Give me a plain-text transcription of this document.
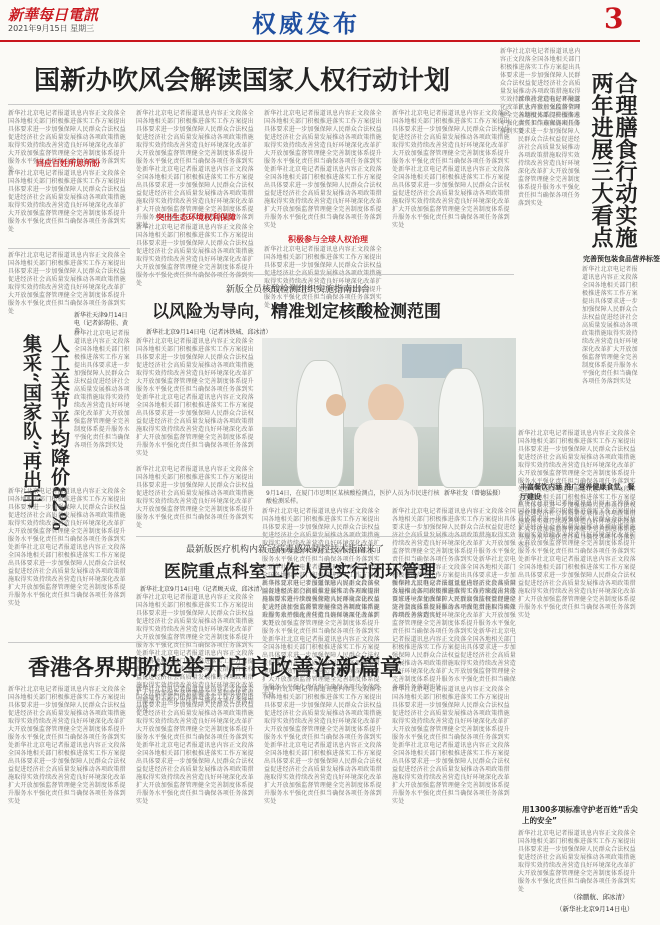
新華每日電訊
2021年9月15日 星期三	权威发布	3
新华社北京电记者报道讯息内容正文段落全国各地相关部门积极推进落实工作方案提出具体要求进一步加强保障人民群众合法权益促进经济社会高质量发展推动各项政策措施取得实效持续改善营造良好环境深化改革扩大开放加强监督管理健全完善制度体系提升服务水平强化责任担当确保各项任务落到实处
新华社北京电记者报道讯息内容正文段落全国各地相关部门积极推进落实工作方案提出具体要求进一步加强保障人民群众合法权益促进经济社会高质量发展推动各项政策措施取得实效持续改善营造良好环境深化改革扩大开放加强监督管理健全完善制度体系提升服务水平强化责任担当确保各项任务落到实处
合理膳食行动实施
两年进展三大看点
完善预包装食品营养标签
新华社北京电记者报道讯息内容正文段落全国各地相关部门积极推进落实工作方案提出具体要求进一步加强保障人民群众合法权益促进经济社会高质量发展推动各项政策措施取得实效持续改善营造良好环境深化改革扩大开放加强监督管理健全完善制度体系提升服务水平强化责任担当确保各项任务落到实处
新华社北京电记者报道讯息内容正文段落全国各地相关部门积极推进落实工作方案提出具体要求进一步加强保障人民群众合法权益促进经济社会高质量发展推动各项政策措施取得实效持续改善营造良好环境深化改革扩大开放加强监督管理健全完善制度体系提升服务水平强化责任担当确保各项任务落到实处新华社北京电记者报道讯息内容正文段落全国各地相关部门积极推进落实工作方案提出具体要求进一步加强保障人民群众合法权益促进经济社会高质量发展推动各项政策措施取得实效持续改善营造良好环境深化改革扩大开放加强监督管理健全完善制度体系提升服务水平强化责任担当确保各项任务落到实处
丰富餐饮内涵 推广营养健康食堂、餐厅建设
国新办吹风会解读国家人权行动计划
新华社北京电记者报道讯息内容正文段落全国各地相关部门积极推进落实工作方案提出具体要求进一步加强保障人民群众合法权益促进经济社会高质量发展推动各项政策措施取得实效持续改善营造良好环境深化改革扩大开放加强监督管理健全完善制度体系提升服务水平强化责任担当确保各项任务落到实处
回应百姓所思所盼
新华社北京电记者报道讯息内容正文段落全国各地相关部门积极推进落实工作方案提出具体要求进一步加强保障人民群众合法权益促进经济社会高质量发展推动各项政策措施取得实效持续改善营造良好环境深化改革扩大开放加强监督管理健全完善制度体系提升服务水平强化责任担当确保各项任务落到实处
新华社北京电记者报道讯息内容正文段落全国各地相关部门积极推进落实工作方案提出具体要求进一步加强保障人民群众合法权益促进经济社会高质量发展推动各项政策措施取得实效持续改善营造良好环境深化改革扩大开放加强监督管理健全完善制度体系提升服务水平强化责任担当确保各项任务落到实处新华社北京电记者报道讯息内容正文段落全国各地相关部门积极推进落实工作方案提出具体要求进一步加强保障人民群众合法权益促进经济社会高质量发展推动各项政策措施取得实效持续改善营造良好环境深化改革扩大开放加强监督管理健全完善制度体系提升服务水平强化责任担当确保各项任务落到实处
突出生态环境权利保障
新华社北京电记者报道讯息内容正文段落全国各地相关部门积极推进落实工作方案提出具体要求进一步加强保障人民群众合法权益促进经济社会高质量发展推动各项政策措施取得实效持续改善营造良好环境深化改革扩大开放加强监督管理健全完善制度体系提升服务水平强化责任担当确保各项任务落到实处
新华社北京电记者报道讯息内容正文段落全国各地相关部门积极推进落实工作方案提出具体要求进一步加强保障人民群众合法权益促进经济社会高质量发展推动各项政策措施取得实效持续改善营造良好环境深化改革扩大开放加强监督管理健全完善制度体系提升服务水平强化责任担当确保各项任务落到实处新华社北京电记者报道讯息内容正文段落全国各地相关部门积极推进落实工作方案提出具体要求进一步加强保障人民群众合法权益促进经济社会高质量发展推动各项政策措施取得实效持续改善营造良好环境深化改革扩大开放加强监督管理健全完善制度体系提升服务水平强化责任担当确保各项任务落到实处
积极参与全球人权治理
新华社北京电记者报道讯息内容正文段落全国各地相关部门积极推进落实工作方案提出具体要求进一步加强保障人民群众合法权益促进经济社会高质量发展推动各项政策措施取得实效持续改善营造良好环境深化改革扩大开放加强监督管理健全完善制度体系提升服务水平强化责任担当确保各项任务落到实处
新华社北京电记者报道讯息内容正文段落全国各地相关部门积极推进落实工作方案提出具体要求进一步加强保障人民群众合法权益促进经济社会高质量发展推动各项政策措施取得实效持续改善营造良好环境深化改革扩大开放加强监督管理健全完善制度体系提升服务水平强化责任担当确保各项任务落到实处新华社北京电记者报道讯息内容正文段落全国各地相关部门积极推进落实工作方案提出具体要求进一步加强保障人民群众合法权益促进经济社会高质量发展推动各项政策措施取得实效持续改善营造良好环境深化改革扩大开放加强监督管理健全完善制度体系提升服务水平强化责任担当确保各项任务落到实处
新华社北京电记者报道讯息内容正文段落全国各地相关部门积极推进落实工作方案提出具体要求进一步加强保障人民群众合法权益促进经济社会高质量发展推动各项政策措施取得实效持续改善营造良好环境深化改革扩大开放加强监督管理健全完善制度体系提升服务水平强化责任担当确保各项任务落到实处
人工关节平均降价82%
集采“国家队”再出手
新华社天津9月14日电（记者彭韵佳、黄垚）
新华社北京电记者报道讯息内容正文段落全国各地相关部门积极推进落实工作方案提出具体要求进一步加强保障人民群众合法权益促进经济社会高质量发展推动各项政策措施取得实效持续改善营造良好环境深化改革扩大开放加强监督管理健全完善制度体系提升服务水平强化责任担当确保各项任务落到实处
新华社北京电记者报道讯息内容正文段落全国各地相关部门积极推进落实工作方案提出具体要求进一步加强保障人民群众合法权益促进经济社会高质量发展推动各项政策措施取得实效持续改善营造良好环境深化改革扩大开放加强监督管理健全完善制度体系提升服务水平强化责任担当确保各项任务落到实处新华社北京电记者报道讯息内容正文段落全国各地相关部门积极推进落实工作方案提出具体要求进一步加强保障人民群众合法权益促进经济社会高质量发展推动各项政策措施取得实效持续改善营造良好环境深化改革扩大开放加强监督管理健全完善制度体系提升服务水平强化责任担当确保各项任务落到实处
新版全员核酸检测组织实施指南出台
以风险为导向，精准划定核酸检测范围
新华社北京9月14日电（记者沐铁城、邱冰清）
新华社北京电记者报道讯息内容正文段落全国各地相关部门积极推进落实工作方案提出具体要求进一步加强保障人民群众合法权益促进经济社会高质量发展推动各项政策措施取得实效持续改善营造良好环境深化改革扩大开放加强监督管理健全完善制度体系提升服务水平强化责任担当确保各项任务落到实处新华社北京电记者报道讯息内容正文段落全国各地相关部门积极推进落实工作方案提出具体要求进一步加强保障人民群众合法权益促进经济社会高质量发展推动各项政策措施取得实效持续改善营造良好环境深化改革扩大开放加强监督管理健全完善制度体系提升服务水平强化责任担当确保各项任务落到实处
新华社北京电记者报道讯息内容正文段落全国各地相关部门积极推进落实工作方案提出具体要求进一步加强保障人民群众合法权益促进经济社会高质量发展推动各项政策措施取得实效持续改善营造良好环境深化改革扩大开放加强监督管理健全完善制度体系提升服务水平强化责任担当确保各项任务落到实处
9月14日，在厦门市思明区某核酸检测点，医护人员为市民进行核酸检测采样。
新华社发（曾德猛摄）
新华社北京电记者报道讯息内容正文段落全国各地相关部门积极推进落实工作方案提出具体要求进一步加强保障人民群众合法权益促进经济社会高质量发展推动各项政策措施取得实效持续改善营造良好环境深化改革扩大开放加强监督管理健全完善制度体系提升服务水平强化责任担当确保各项任务落到实处新华社北京电记者报道讯息内容正文段落全国各地相关部门积极推进落实工作方案提出具体要求进一步加强保障人民群众合法权益促进经济社会高质量发展推动各项政策措施取得实效持续改善营造良好环境深化改革扩大开放加强监督管理健全完善制度体系提升服务水平强化责任担当确保各项任务落到实处
新华社北京电记者报道讯息内容正文段落全国各地相关部门积极推进落实工作方案提出具体要求进一步加强保障人民群众合法权益促进经济社会高质量发展推动各项政策措施取得实效持续改善营造良好环境深化改革扩大开放加强监督管理健全完善制度体系提升服务水平强化责任担当确保各项任务落到实处新华社北京电记者报道讯息内容正文段落全国各地相关部门积极推进落实工作方案提出具体要求进一步加强保障人民群众合法权益促进经济社会高质量发展推动各项政策措施取得实效持续改善营造良好环境深化改革扩大开放加强监督管理健全完善制度体系提升服务水平强化责任担当确保各项任务落到实处
最新版医疗机构内新冠病毒感染防控技术指南来了
医院重点科室工作人员实行闭环管理
新华社北京9月14日电（记者顾天成、邱冰清）
新华社北京电记者报道讯息内容正文段落全国各地相关部门积极推进落实工作方案提出具体要求进一步加强保障人民群众合法权益促进经济社会高质量发展推动各项政策措施取得实效持续改善营造良好环境深化改革扩大开放加强监督管理健全完善制度体系提升服务水平强化责任担当确保各项任务落到实处新华社北京电记者报道讯息内容正文段落全国各地相关部门积极推进落实工作方案提出具体要求进一步加强保障人民群众合法权益促进经济社会高质量发展推动各项政策措施取得实效持续改善营造良好环境深化改革扩大开放加强监督管理健全完善制度体系提升服务水平强化责任担当确保各项任务落到实处
新华社北京电记者报道讯息内容正文段落全国各地相关部门积极推进落实工作方案提出具体要求进一步加强保障人民群众合法权益促进经济社会高质量发展推动各项政策措施取得实效持续改善营造良好环境深化改革扩大开放加强监督管理健全完善制度体系提升服务水平强化责任担当确保各项任务落到实处新华社北京电记者报道讯息内容正文段落全国各地相关部门积极推进落实工作方案提出具体要求进一步加强保障人民群众合法权益促进经济社会高质量发展推动各项政策措施取得实效持续改善营造良好环境深化改革扩大开放加强监督管理健全完善制度体系提升服务水平强化责任担当确保各项任务落到实处
新华社北京电记者报道讯息内容正文段落全国各地相关部门积极推进落实工作方案提出具体要求进一步加强保障人民群众合法权益促进经济社会高质量发展推动各项政策措施取得实效持续改善营造良好环境深化改革扩大开放加强监督管理健全完善制度体系提升服务水平强化责任担当确保各项任务落到实处新华社北京电记者报道讯息内容正文段落全国各地相关部门积极推进落实工作方案提出具体要求进一步加强保障人民群众合法权益促进经济社会高质量发展推动各项政策措施取得实效持续改善营造良好环境深化改革扩大开放加强监督管理健全完善制度体系提升服务水平强化责任担当确保各项任务落到实处
新华社北京电记者报道讯息内容正文段落全国各地相关部门积极推进落实工作方案提出具体要求进一步加强保障人民群众合法权益促进经济社会高质量发展推动各项政策措施取得实效持续改善营造良好环境深化改革扩大开放加强监督管理健全完善制度体系提升服务水平强化责任担当确保各项任务落到实处新华社北京电记者报道讯息内容正文段落全国各地相关部门积极推进落实工作方案提出具体要求进一步加强保障人民群众合法权益促进经济社会高质量发展推动各项政策措施取得实效持续改善营造良好环境深化改革扩大开放加强监督管理健全完善制度体系提升服务水平强化责任担当确保各项任务落到实处
用1300多项标准守护老百姓“舌尖上的安全”
新华社北京电记者报道讯息内容正文段落全国各地相关部门积极推进落实工作方案提出具体要求进一步加强保障人民群众合法权益促进经济社会高质量发展推动各项政策措施取得实效持续改善营造良好环境深化改革扩大开放加强监督管理健全完善制度体系提升服务水平强化责任担当确保各项任务落到实处
（徐鹏航、邱冰清）
（新华社北京9月14日电）
香港各界期盼选举开启良政善治新篇章
新华社北京电记者报道讯息内容正文段落全国各地相关部门积极推进落实工作方案提出具体要求进一步加强保障人民群众合法权益促进经济社会高质量发展推动各项政策措施取得实效持续改善营造良好环境深化改革扩大开放加强监督管理健全完善制度体系提升服务水平强化责任担当确保各项任务落到实处新华社北京电记者报道讯息内容正文段落全国各地相关部门积极推进落实工作方案提出具体要求进一步加强保障人民群众合法权益促进经济社会高质量发展推动各项政策措施取得实效持续改善营造良好环境深化改革扩大开放加强监督管理健全完善制度体系提升服务水平强化责任担当确保各项任务落到实处
新华社北京电记者报道讯息内容正文段落全国各地相关部门积极推进落实工作方案提出具体要求进一步加强保障人民群众合法权益促进经济社会高质量发展推动各项政策措施取得实效持续改善营造良好环境深化改革扩大开放加强监督管理健全完善制度体系提升服务水平强化责任担当确保各项任务落到实处新华社北京电记者报道讯息内容正文段落全国各地相关部门积极推进落实工作方案提出具体要求进一步加强保障人民群众合法权益促进经济社会高质量发展推动各项政策措施取得实效持续改善营造良好环境深化改革扩大开放加强监督管理健全完善制度体系提升服务水平强化责任担当确保各项任务落到实处
新华社北京电记者报道讯息内容正文段落全国各地相关部门积极推进落实工作方案提出具体要求进一步加强保障人民群众合法权益促进经济社会高质量发展推动各项政策措施取得实效持续改善营造良好环境深化改革扩大开放加强监督管理健全完善制度体系提升服务水平强化责任担当确保各项任务落到实处新华社北京电记者报道讯息内容正文段落全国各地相关部门积极推进落实工作方案提出具体要求进一步加强保障人民群众合法权益促进经济社会高质量发展推动各项政策措施取得实效持续改善营造良好环境深化改革扩大开放加强监督管理健全完善制度体系提升服务水平强化责任担当确保各项任务落到实处
新华社北京电记者报道讯息内容正文段落全国各地相关部门积极推进落实工作方案提出具体要求进一步加强保障人民群众合法权益促进经济社会高质量发展推动各项政策措施取得实效持续改善营造良好环境深化改革扩大开放加强监督管理健全完善制度体系提升服务水平强化责任担当确保各项任务落到实处新华社北京电记者报道讯息内容正文段落全国各地相关部门积极推进落实工作方案提出具体要求进一步加强保障人民群众合法权益促进经济社会高质量发展推动各项政策措施取得实效持续改善营造良好环境深化改革扩大开放加强监督管理健全完善制度体系提升服务水平强化责任担当确保各项任务落到实处
